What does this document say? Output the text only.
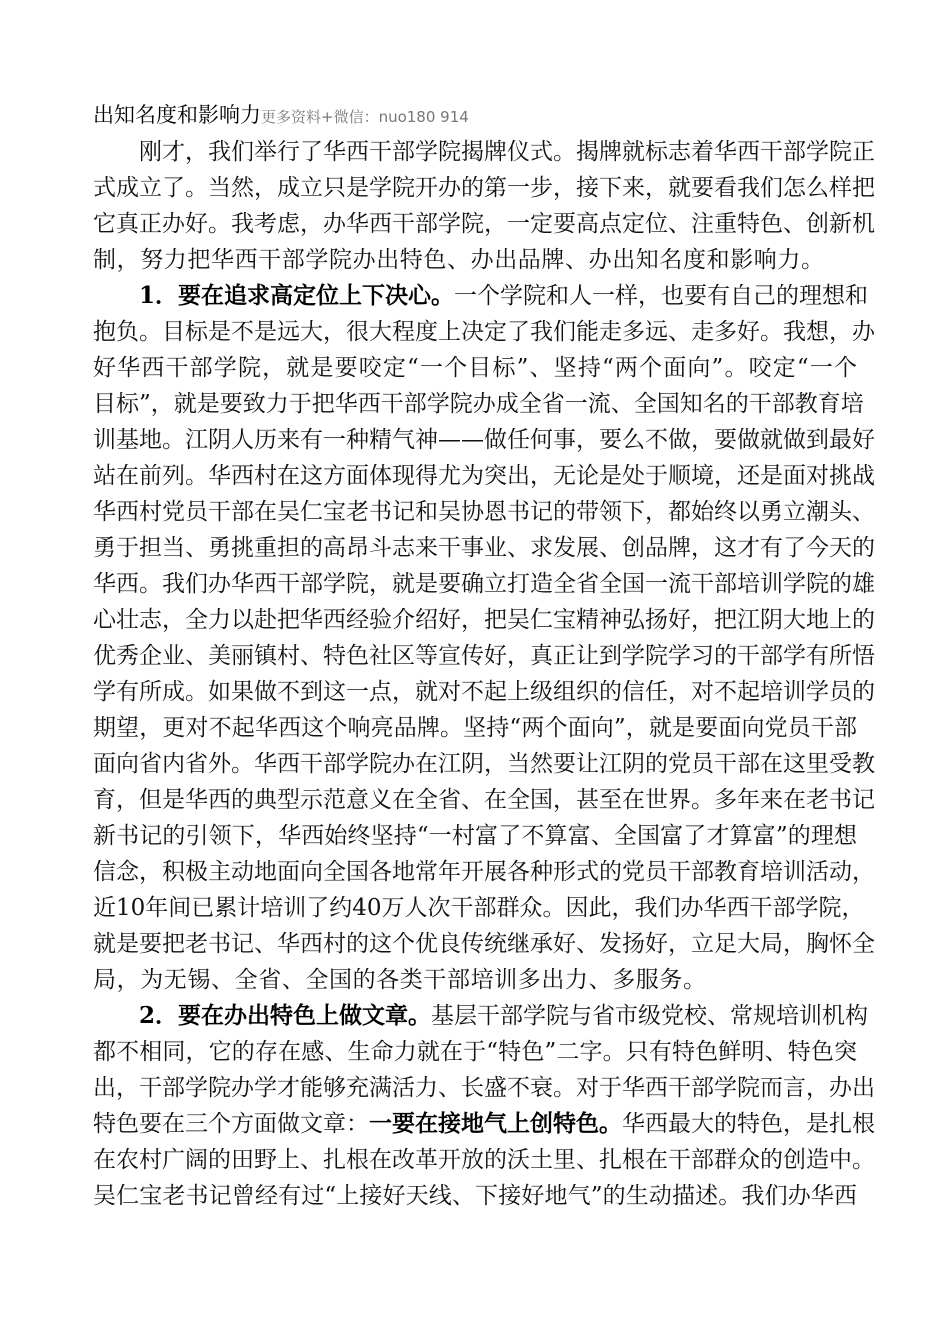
出知名度和影响力更多资料+微信：nuo180 914
刚才，我们举行了华西干部学院揭牌仪式。揭牌就标志着华西干部学院正
式成立了。当然，成立只是学院开办的第一步，接下来，就要看我们怎么样把
它真正办好。我考虑，办华西干部学院，一定要高点定位、注重特色、创新机
制，努力把华西干部学院办出特色、办出品牌、办出知名度和影响力。
1．要在追求高定位上下决心。一个学院和人一样，也要有自己的理想和
抱负。目标是不是远大，很大程度上决定了我们能走多远、走多好。我想，办
好华西干部学院，就是要咬定“一个目标”、坚持“两个面向”。咬定“一个
目标”，就是要致力于把华西干部学院办成全省一流、全国知名的干部教育培
训基地。江阴人历来有一种精气神——做任何事，要么不做，要做就做到最好
站在前列。华西村在这方面体现得尤为突出，无论是处于顺境，还是面对挑战
华西村党员干部在吴仁宝老书记和吴协恩书记的带领下，都始终以勇立潮头、
勇于担当、勇挑重担的高昂斗志来干事业、求发展、创品牌，这才有了今天的
华西。我们办华西干部学院，就是要确立打造全省全国一流干部培训学院的雄
心壮志，全力以赴把华西经验介绍好，把吴仁宝精神弘扬好，把江阴大地上的
优秀企业、美丽镇村、特色社区等宣传好，真正让到学院学习的干部学有所悟
学有所成。如果做不到这一点，就对不起上级组织的信任，对不起培训学员的
期望，更对不起华西这个响亮品牌。坚持“两个面向”，就是要面向党员干部
面向省内省外。华西干部学院办在江阴，当然要让江阴的党员干部在这里受教
育，但是华西的典型示范意义在全省、在全国，甚至在世界。多年来在老书记
新书记的引领下，华西始终坚持“一村富了不算富、全国富了才算富”的理想
信念，积极主动地面向全国各地常年开展各种形式的党员干部教育培训活动，
近10年间已累计培训了约40万人次干部群众。因此，我们办华西干部学院，
就是要把老书记、华西村的这个优良传统继承好、发扬好，立足大局，胸怀全
局，为无锡、全省、全国的各类干部培训多出力、多服务。
2．要在办出特色上做文章。基层干部学院与省市级党校、常规培训机构
都不相同，它的存在感、生命力就在于“特色”二字。只有特色鲜明、特色突
出，干部学院办学才能够充满活力、长盛不衰。对于华西干部学院而言，办出
特色要在三个方面做文章：一要在接地气上创特色。华西最大的特色，是扎根
在农村广阔的田野上、扎根在改革开放的沃土里、扎根在干部群众的创造中。
吴仁宝老书记曾经有过“上接好天线、下接好地气”的生动描述。我们办华西
